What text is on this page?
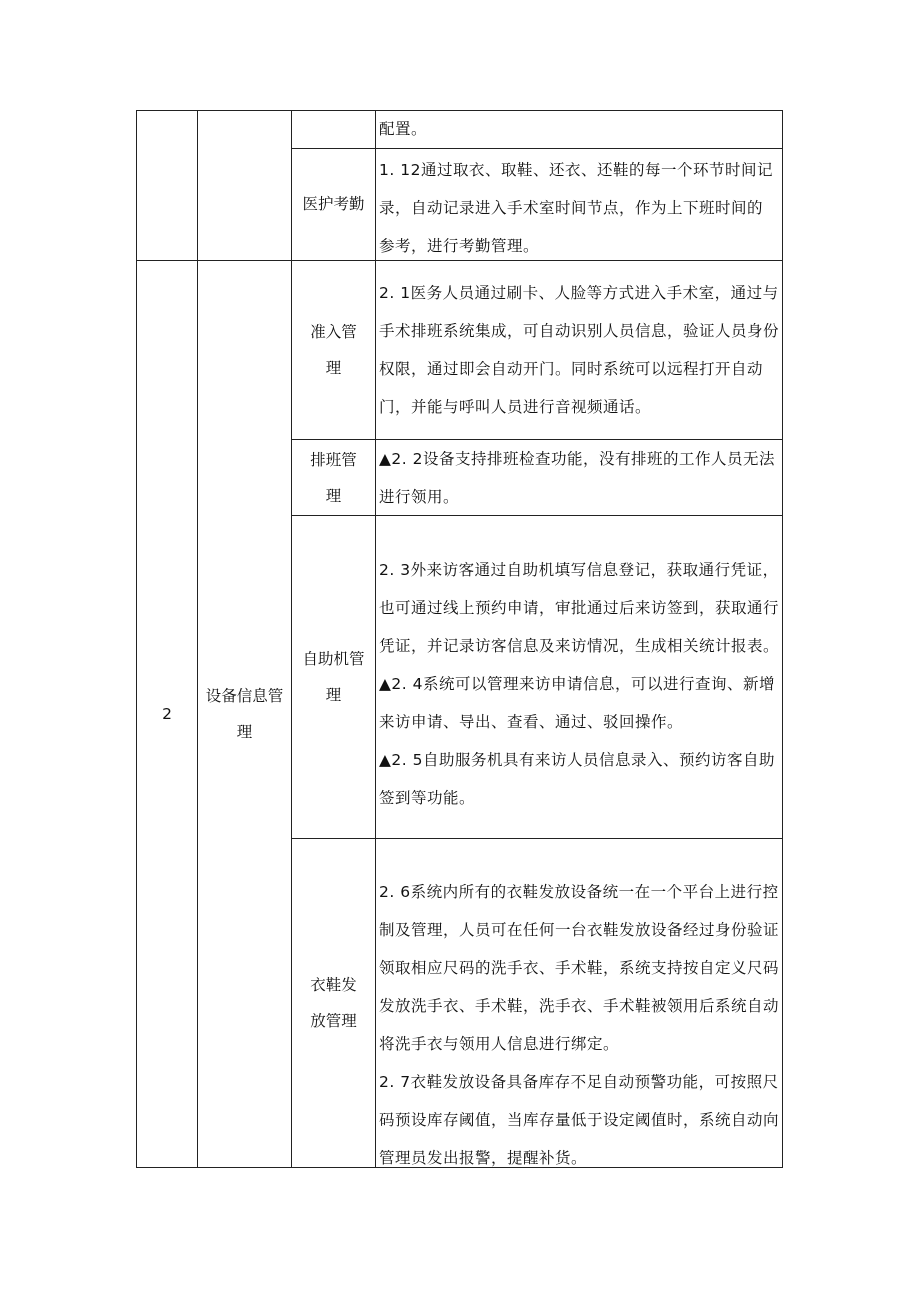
配置。

医护考勤

1. 12通过取衣、取鞋、还衣、还鞋的每一个环节时间记录，自动记录进入手术室时间节点，作为上下班时间的参考，进行考勤管理。

2
设备信息管
理
准入管
理

2. 1医务人员通过刷卡、人脸等方式进入手术室，通过与手术排班系统集成，可自动识别人员信息，验证人员身份权限，通过即会自动开门。同时系统可以远程打开自动门，并能与呼叫人员进行音视频通话。

排班管
理

▲2. 2设备支持排班检查功能，没有排班的工作人员无法进行领用。

自助机管
理

2. 3外来访客通过自助机填写信息登记，获取通行凭证，也可通过线上预约申请，审批通过后来访签到，获取通行凭证，并记录访客信息及来访情况，生成相关统计报表。

▲2. 4系统可以管理来访申请信息，可以进行查询、新增来访申请、导出、查看、通过、驳回操作。

▲2. 5自助服务机具有来访人员信息录入、预约访客自助签到等功能。

衣鞋发
放管理

2. 6系统内所有的衣鞋发放设备统一在一个平台上进行控制及管理，人员可在任何一台衣鞋发放设备经过身份验证领取相应尺码的洗手衣、手术鞋，系统支持按自定义尺码发放洗手衣、手术鞋，洗手衣、手术鞋被领用后系统自动将洗手衣与领用人信息进行绑定。

2. 7衣鞋发放设备具备库存不足自动预警功能，可按照尺码预设库存阈值，当库存量低于设定阈值时，系统自动向管理员发出报警，提醒补货。
